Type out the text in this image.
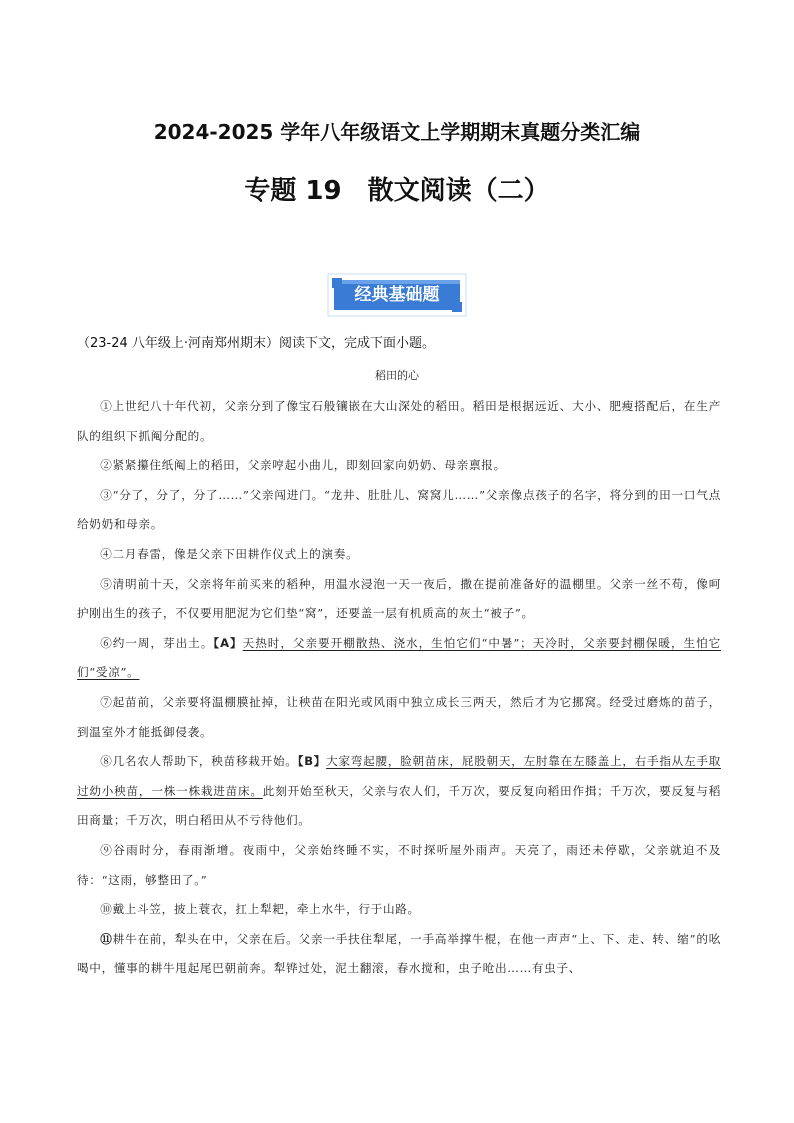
2024-2025 学年八年级语文上学期期末真题分类汇编
专题 19　散文阅读（二）

经典基础题

（23-24 八年级上·河南郑州期末）阅读下文，完成下面小题。

稻田的心

①上世纪八十年代初，父亲分到了像宝石般镶嵌在大山深处的稻田。稻田是根据远近、大小、肥瘦搭配后，在生产队的组织下抓阄分配的。

②紧紧攥住纸阄上的稻田，父亲哼起小曲儿，即刻回家向奶奶、母亲禀报。

③“分了，分了，分了……”父亲闯进门。“龙井、肚肚儿、窝窝儿……”父亲像点孩子的名字，将分到的田一口气点给奶奶和母亲。

④二月春雷，像是父亲下田耕作仪式上的演奏。

⑤清明前十天，父亲将年前买来的稻种，用温水浸泡一天一夜后，撒在提前准备好的温棚里。父亲一丝不苟，像呵护刚出生的孩子，不仅要用肥泥为它们垫“窝”，还要盖一层有机质高的灰土“被子”。

⑥约一周，芽出土。【A】天热时，父亲要开棚散热、浇水，生怕它们“中暑”；天冷时，父亲要封棚保暖，生怕它们“受凉”。

⑦起苗前，父亲要将温棚膜扯掉，让秧苗在阳光或风雨中独立成长三两天，然后才为它挪窝。经受过磨炼的苗子，到温室外才能抵御侵袭。

⑧几名农人帮助下，秧苗移栽开始。【B】大家弯起腰，脸朝苗床，屁股朝天，左肘靠在左膝盖上，右手指从左手取过幼小秧苗，一株一株栽进苗床。此刻开始至秋天，父亲与农人们，千万次，要反复向稻田作揖；千万次，要反复与稻田商量；千万次，明白稻田从不亏待他们。

⑨谷雨时分，春雨渐增。夜雨中，父亲始终睡不实，不时探听屋外雨声。天亮了，雨还未停歇，父亲就迫不及待：“这雨，够整田了。”

⑩戴上斗笠，披上蓑衣，扛上犁耙，牵上水牛，行于山路。

⑪耕牛在前，犁头在中，父亲在后。父亲一手扶住犁尾，一手高举撑牛棍，在他一声声“上、下、走、转、缩”的吆喝中，懂事的耕牛甩起尾巴朝前奔。犁铧过处，泥土翻滚，春水搅和，虫子呛出……有虫子、
